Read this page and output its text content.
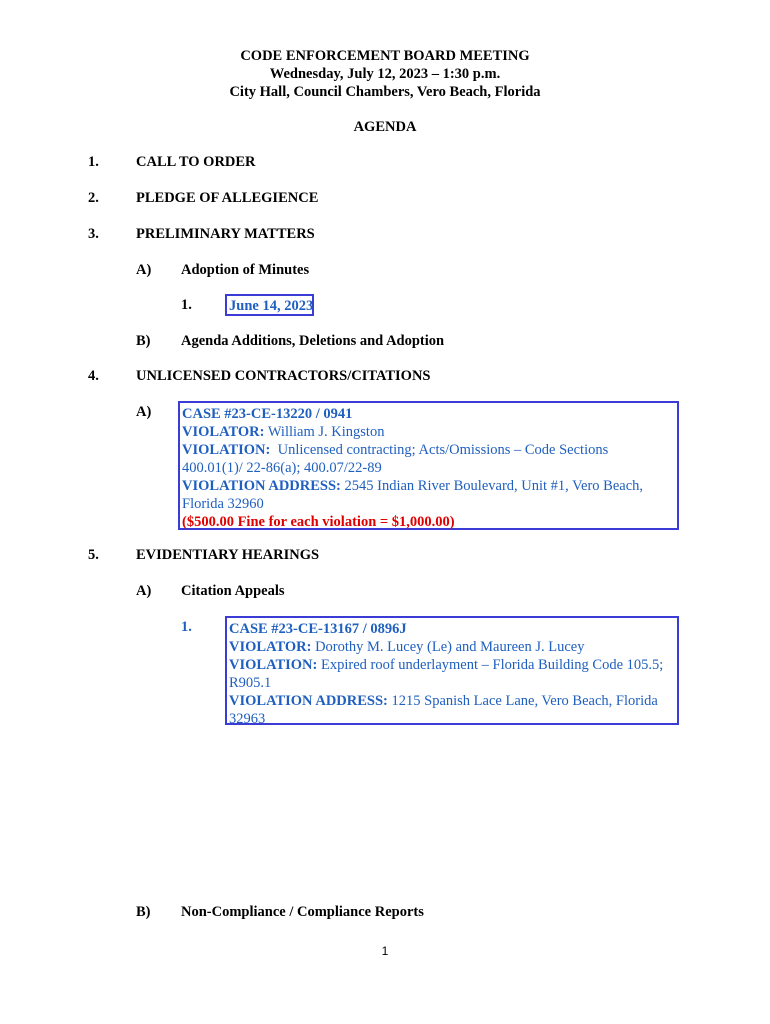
CODE ENFORCEMENT BOARD MEETING
Wednesday, July 12, 2023 – 1:30 p.m.
City Hall, Council Chambers, Vero Beach, Florida
AGENDA
1.	CALL TO ORDER
2.	PLEDGE OF ALLEGIENCE
3.	PRELIMINARY MATTERS
A) Adoption of Minutes
1.	June 14, 2023
B) Agenda Additions, Deletions and Adoption
4.	UNLICENSED CONTRACTORS/CITATIONS
A) CASE #23-CE-13220 / 0941
VIOLATOR: William J. Kingston
VIOLATION: Unlicensed contracting; Acts/Omissions – Code Sections
400.01(1)/ 22-86(a); 400.07/22-89
VIOLATION ADDRESS: 2545 Indian River Boulevard, Unit #1, Vero Beach,
Florida 32960
($500.00 Fine for each violation = $1,000.00)
5.	EVIDENTIARY HEARINGS
A) Citation Appeals
1.	CASE #23-CE-13167 / 0896J
VIOLATOR: Dorothy M. Lucey (Le) and Maureen J. Lucey
VIOLATION: Expired roof underlayment – Florida Building Code 105.5;
R905.1
VIOLATION ADDRESS: 1215 Spanish Lace Lane, Vero Beach, Florida
32963
B) Non-Compliance / Compliance Reports
1
